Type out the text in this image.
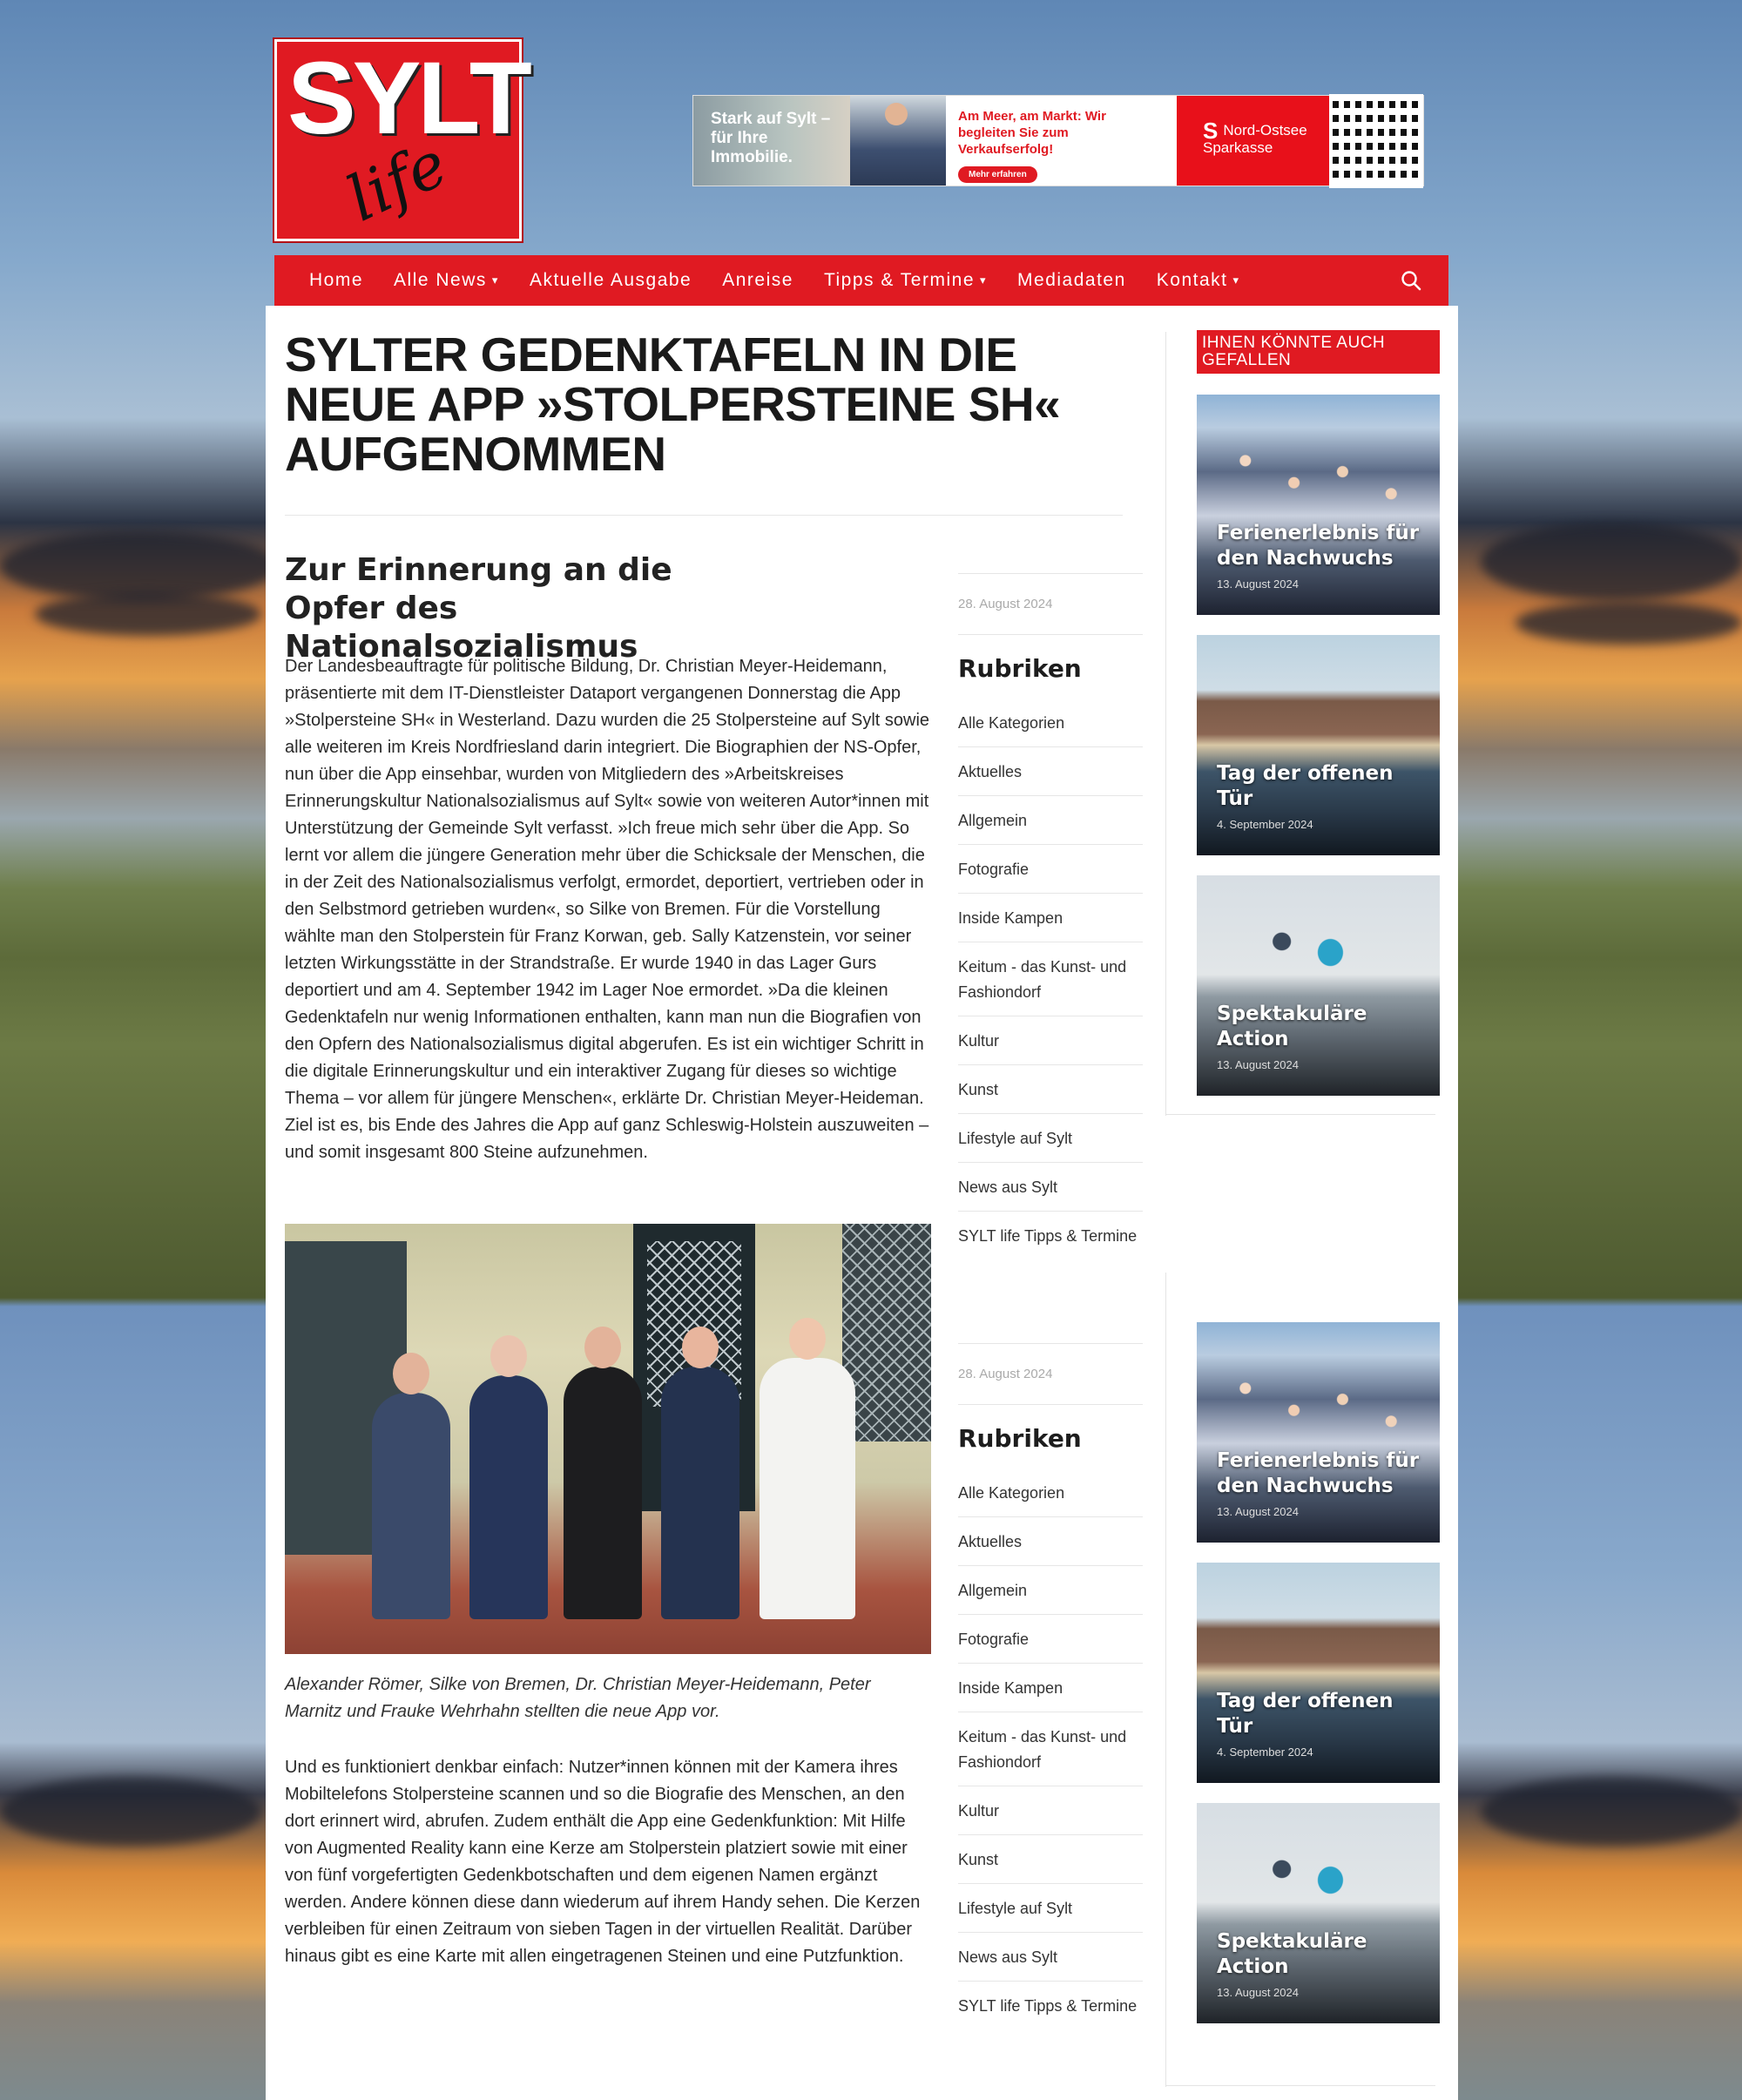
SYLT
life
Stark auf Sylt – für Ihre Immobilie.

Am Meer, am Markt: Wir begleiten Sie zum Verkaufserfolg!

Mehr erfahren
S Nord-Ostsee Sparkasse
Home Alle News ▾ Aktuelle Ausgabe Anreise Tipps & Termine ▾ Mediadaten Kontakt ▾
SYLTER GEDENKTAFELN IN DIE NEUE APP »STOLPERSTEINE SH« AUFGENOMMEN
Zur Erinnerung an die Opfer des Nationalsozialismus

Der Landesbeauftragte für politische Bildung, Dr. Christian Meyer-Heidemann, präsentierte mit dem IT-Dienstleister Dataport vergangenen Donnerstag die App »Stolpersteine SH« in Westerland. Dazu wurden die 25 Stolpersteine auf Sylt sowie alle weiteren im Kreis Nordfriesland darin integriert. Die Biographien der NS-Opfer, nun über die App einsehbar, wurden von Mitgliedern des »Arbeitskreises Erinnerungskultur Nationalsozialismus auf Sylt« sowie von weiteren Autor*innen mit Unterstützung der Gemeinde Sylt verfasst. »Ich freue mich sehr über die App. So lernt vor allem die jüngere Generation mehr über die Schicksale der Menschen, die in der Zeit des Nationalsozialismus verfolgt, ermordet, deportiert, vertrieben oder in den Selbstmord getrieben wurden«, so Silke von Bremen. Für die Vorstellung wählte man den Stolperstein für Franz Korwan, geb. Sally Katzenstein, vor seiner letzten Wirkungsstätte in der Strandstraße. Er wurde 1940 in das Lager Gurs deportiert und am 4. September 1942 im Lager Noe ermordet. »Da die kleinen Gedenktafeln nur wenig Informationen enthalten, kann man nun die Biografien von den Opfern des Nationalsozialismus digital abgerufen. Es ist ein wichtiger Schritt in die digitale Erinnerungskultur und ein interaktiver Zugang für dieses so wichtige Thema – vor allem für jüngere Menschen«, erklärte Dr. Christian Meyer-Heideman. Ziel ist es, bis Ende des Jahres die App auf ganz Schleswig-Holstein auszuweiten – und somit insgesamt 800 Steine aufzunehmen.

Alexander Römer, Silke von Bremen, Dr. Christian Meyer-Heidemann, Peter Marnitz und Frauke Wehrhahn stellten die neue App vor.

Und es funktioniert denkbar einfach: Nutzer*innen können mit der Kamera ihres Mobiltelefons Stolpersteine scannen und so die Biografie des Menschen, an den dort erinnert wird, abrufen. Zudem enthält die App eine Gedenkfunktion: Mit Hilfe von Augmented Reality kann eine Kerze am Stolperstein platziert sowie mit einer von fünf vorgefertigten Gedenkbotschaften und dem eigenen Namen ergänzt werden. Andere können diese dann wiederum auf ihrem Handy sehen. Die Kerzen verbleiben für einen Zeitraum von sieben Tagen in der virtuellen Realität. Darüber hinaus gibt es eine Karte mit allen eingetragenen Steinen und eine Putzfunktion.

28. August 2024
Rubriken
Alle Kategorien
Aktuelles
Allgemein
Fotografie
Inside Kampen
Keitum - das Kunst- und Fashiondorf
Kultur
Kunst
Lifestyle auf Sylt
News aus Sylt
SYLT life Tipps & Termine
28. August 2024
Rubriken
Alle Kategorien
Aktuelles
Allgemein
Fotografie
Inside Kampen
Keitum - das Kunst- und Fashiondorf
Kultur
Kunst
Lifestyle auf Sylt
News aus Sylt
SYLT life Tipps & Termine
IHNEN KÖNNTE AUCH GEFALLEN
Ferienerlebnis für den Nachwuchs
13. August 2024
Tag der offenen Tür
4. September 2024
Spektakuläre Action
13. August 2024
Ferienerlebnis für den Nachwuchs
13. August 2024
Tag der offenen Tür
4. September 2024
Spektakuläre Action
13. August 2024
